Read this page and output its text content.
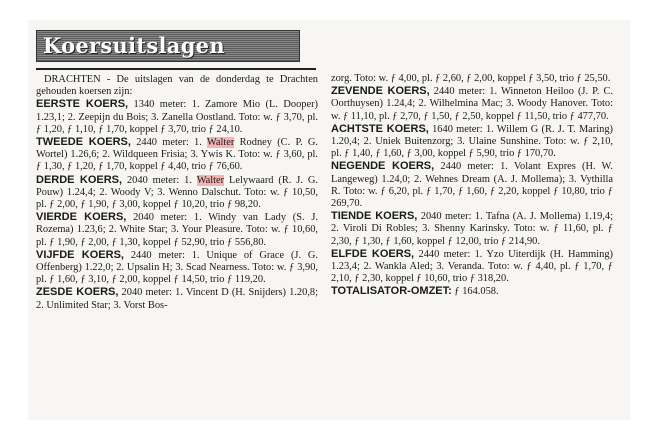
Koersuitslagen

DRACHTEN - De uitslagen van de donderdag te Drachten gehouden koersen zijn:

EERSTE KOERS, 1340 meter: 1. Zamore Mio (L. Dooper) 1.23,1; 2. Zeepijn du Bois; 3. Zanella Oostland. Toto: w. ƒ 3,70, pl. ƒ 1,20, ƒ 1,10, ƒ 1,70, koppel ƒ 3,70, trio ƒ 24,10.

TWEEDE KOERS, 2440 meter: 1. Walter Rodney (C. P. G. Wortel) 1.26,6; 2. Wildqueen Frisia; 3. Ywis K. Toto: w. ƒ 3,60, pl. ƒ 1,30, ƒ 1,20, ƒ 1,70, koppel ƒ 4,40, trio ƒ 76,60.

DERDE KOERS, 2040 meter: 1. Walter Lelywaard (R. J. G. Pouw) 1.24,4; 2. Woody V; 3. Wenno Dalschut. Toto: w. ƒ 10,50, pl. ƒ 2,00, ƒ 1,90, ƒ 3,00, koppel ƒ 10,20, trio ƒ 98,20.

VIERDE KOERS, 2040 meter: 1. Windy van Lady (S. J. Rozema) 1.23,6; 2. White Star; 3. Your Pleasure. Toto: w. ƒ 10,60, pl. ƒ 1,90, ƒ 2,00, ƒ 1,30, koppel ƒ 52,90, trio ƒ 556,80.

VIJFDE KOERS, 2440 meter: 1. Unique of Grace (J. G. Offenberg) 1.22,0; 2. Upsalin H; 3. Scad Nearness. Toto: w. ƒ 3,90, pl. ƒ 1,60, ƒ 3,10, ƒ 2,00, koppel ƒ 14,50, trio ƒ 119,20.

ZESDE KOERS, 2040 meter: 1. Vincent D (H. Snijders) 1.20,8; 2. Unlimited Star; 3. Vorst Bos-

zorg. Toto: w. ƒ 4,00, pl. ƒ 2,60, ƒ 2,00, koppel ƒ 3,50, trio ƒ 25,50.

ZEVENDE KOERS, 2440 meter: 1. Winneton Heiloo (J. P. C. Oorthuysen) 1.24,4; 2. Wilhelmina Mac; 3. Woody Hanover. Toto: w. ƒ 11,10, pl. ƒ 2,70, ƒ 1,50, ƒ 2,50, koppel ƒ 11,50, trio ƒ 477,70.

ACHTSTE KOERS, 1640 meter: 1. Willem G (R. J. T. Maring) 1.20,4; 2. Uniek Buitenzorg; 3. Ulaine Sunshine. Toto: w. ƒ 2,10, pl. ƒ 1,40, ƒ 1,60, ƒ 3,00, koppel ƒ 5,90, trio ƒ 170,70.

NEGENDE KOERS, 2440 meter: 1. Volant Expres (H. W. Langeweg) 1.24,0; 2. Wehnes Dream (A. J. Mollema); 3. Vythilla R. Toto: w. ƒ 6,20, pl. ƒ 1,70, ƒ 1,60, ƒ 2,20, koppel ƒ 10,80, trio ƒ 269,70.

TIENDE KOERS, 2040 meter: 1. Tafna (A. J. Mollema) 1.19,4; 2. Viroli Di Robles; 3. Shenny Karinsky. Toto: w. ƒ 11,60, pl. ƒ 2,30, ƒ 1,30, ƒ 1,60, koppel ƒ 12,00, trio ƒ 214,90.

ELFDE KOERS, 2440 meter: 1. Yzo Uiterdijk (H. Hamming) 1.23,4; 2. Wankla Aled; 3. Veranda. Toto: w. ƒ 4,40, pl. ƒ 1,70, ƒ 2,10, ƒ 2,30, koppel ƒ 10,60, trio ƒ 318,20.

TOTALISATOR-OMZET: ƒ 164.058.
